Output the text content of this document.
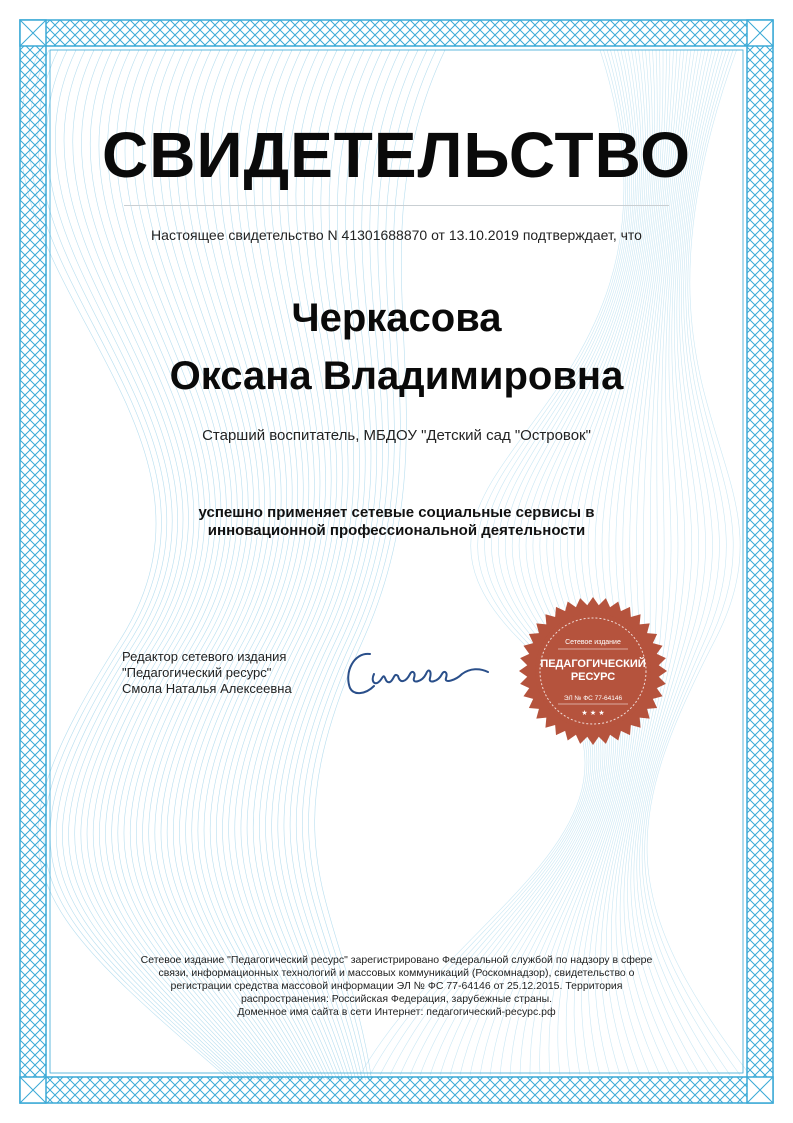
СВИДЕТЕЛЬСТВО
Настоящее свидетельство N 41301688870 от 13.10.2019 подтверждает, что
Черкасова
Оксана Владимировна
Старший воспитатель, МБДОУ "Детский сад "Островок"
успешно применяет сетевые социальные сервисы в
инновационной профессиональной деятельности
Редактор сетевого издания
"Педагогический ресурс"
Смола Наталья Алексеевна
Сетевое издание
ПЕДАГОГИЧЕСКИЙ
РЕСУРС
ЭЛ № ФС 77-64146
★ ★ ★
Сетевое издание "Педагогический ресурс" зарегистрировано Федеральной службой по надзору в сфере
связи, информационных технологий и массовых коммуникаций (Роскомнадзор), свидетельство о
регистрации средства массовой информации ЭЛ № ФС 77-64146 от 25.12.2015. Территория
распространения: Российская Федерация, зарубежные страны.
Доменное имя сайта в сети Интернет: педагогический-ресурс.рф
